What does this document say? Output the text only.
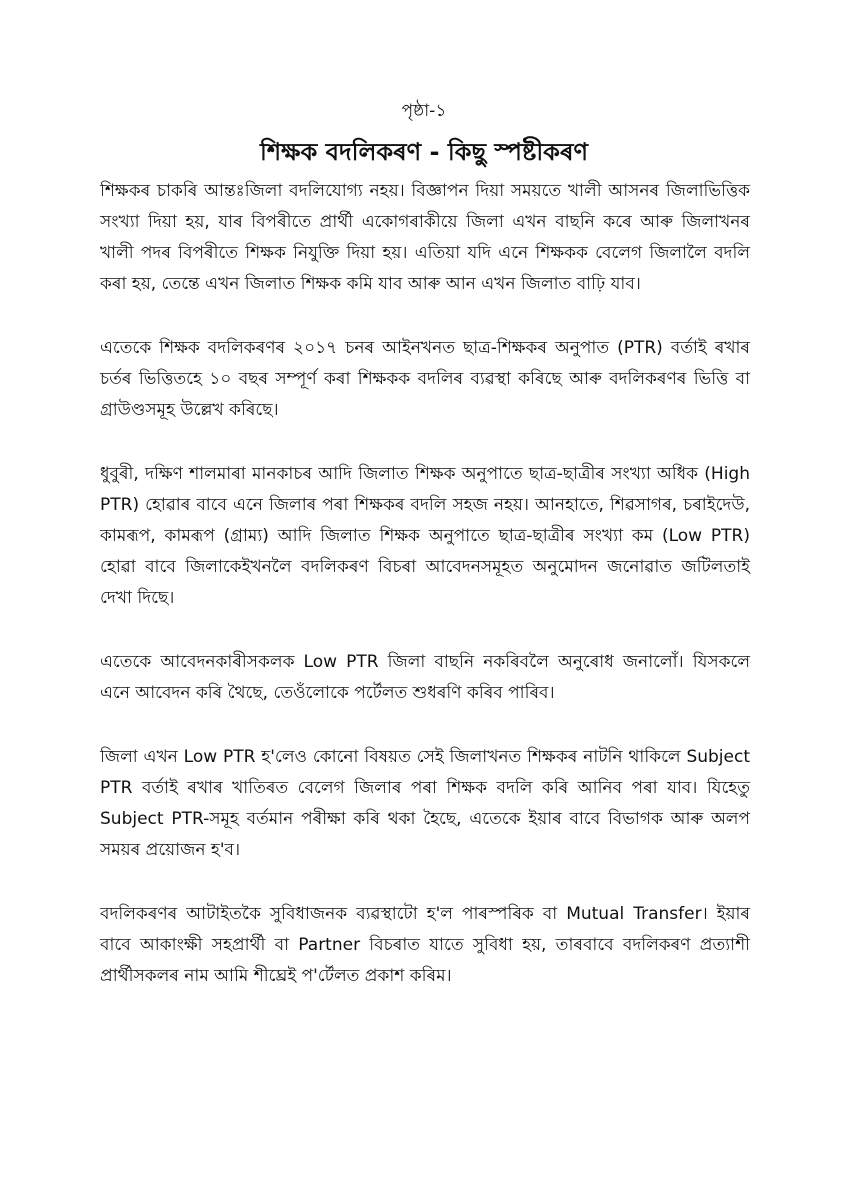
পৃষ্ঠা-১
শিক্ষক বদলিকৰণ - কিছু স্পষ্টীকৰণ

শিক্ষকৰ চাকৰি আন্তঃজিলা বদলিযোগ্য নহয়। বিজ্ঞাপন দিয়া সময়তে খালী আসনৰ জিলাভিত্তিক সংখ্যা দিয়া হয়, যাৰ বিপৰীতে প্ৰাৰ্থী একোগৰাকীয়ে জিলা এখন বাছনি কৰে আৰু জিলাখনৰ খালী পদৰ বিপৰীতে শিক্ষক নিযুক্তি দিয়া হয়। এতিয়া যদি এনে শিক্ষকক বেলেগ জিলালৈ বদলি কৰা হয়, তেন্তে এখন জিলাত শিক্ষক কমি যাব আৰু আন এখন জিলাত বাঢ়ি যাব।

এতেকে শিক্ষক বদলিকৰণৰ ২০১৭ চনৰ আইনখনত ছাত্ৰ-শিক্ষকৰ অনুপাত (PTR) বৰ্তাই ৰখাৰ চৰ্তৰ ভিত্তিতহে ১০ বছৰ সম্পূৰ্ণ কৰা শিক্ষকক বদলিৰ ব্যৱস্থা কৰিছে আৰু বদলিকৰণৰ ভিত্তি বা গ্ৰাউণ্ডসমূহ উল্লেখ কৰিছে।

ধুবুৰী, দক্ষিণ শালমাৰা মানকাচৰ আদি জিলাত শিক্ষক অনুপাতে ছাত্ৰ-ছাত্ৰীৰ সংখ্যা অধিক (High PTR) হোৱাৰ বাবে এনে জিলাৰ পৰা শিক্ষকৰ বদলি সহজ নহয়। আনহাতে, শিৱসাগৰ, চৰাইদেউ, কামৰূপ, কামৰূপ (গ্ৰাম্য) আদি জিলাত শিক্ষক অনুপাতে ছাত্ৰ-ছাত্ৰীৰ সংখ্যা কম (Low PTR) হোৱা বাবে জিলাকেইখনলৈ বদলিকৰণ বিচৰা আবেদনসমূহত অনুমোদন জনোৱাত জটিলতাই দেখা দিছে।

এতেকে আবেদনকাৰীসকলক Low PTR জিলা বাছনি নকৰিবলৈ অনুৰোধ জনালোঁ। যিসকলে এনে আবেদন কৰি থৈছে, তেওঁলোকে পৰ্টেলত শুধৰণি কৰিব পাৰিব।

জিলা এখন Low PTR হ'লেও কোনো বিষয়ত সেই জিলাখনত শিক্ষকৰ নাটনি থাকিলে Subject PTR বৰ্তাই ৰখাৰ খাতিৰত বেলেগ জিলাৰ পৰা শিক্ষক বদলি কৰি আনিব পৰা যাব। যিহেতু Subject PTR-সমূহ বৰ্তমান পৰীক্ষা কৰি থকা হৈছে, এতেকে ইয়াৰ বাবে বিভাগক আৰু অলপ সময়ৰ প্ৰয়োজন হ'ব।

বদলিকৰণৰ আটাইতকৈ সুবিধাজনক ব্যৱস্থাটো হ'ল পাৰস্পৰিক বা Mutual Transfer। ইয়াৰ বাবে আকাংক্ষী সহপ্ৰাৰ্থী বা Partner বিচৰাত যাতে সুবিধা হয়, তাৰবাবে বদলিকৰণ প্ৰত্যাশী প্ৰাৰ্থীসকলৰ নাম আমি শীঘ্ৰেই প'ৰ্টেলত প্ৰকাশ কৰিম।
